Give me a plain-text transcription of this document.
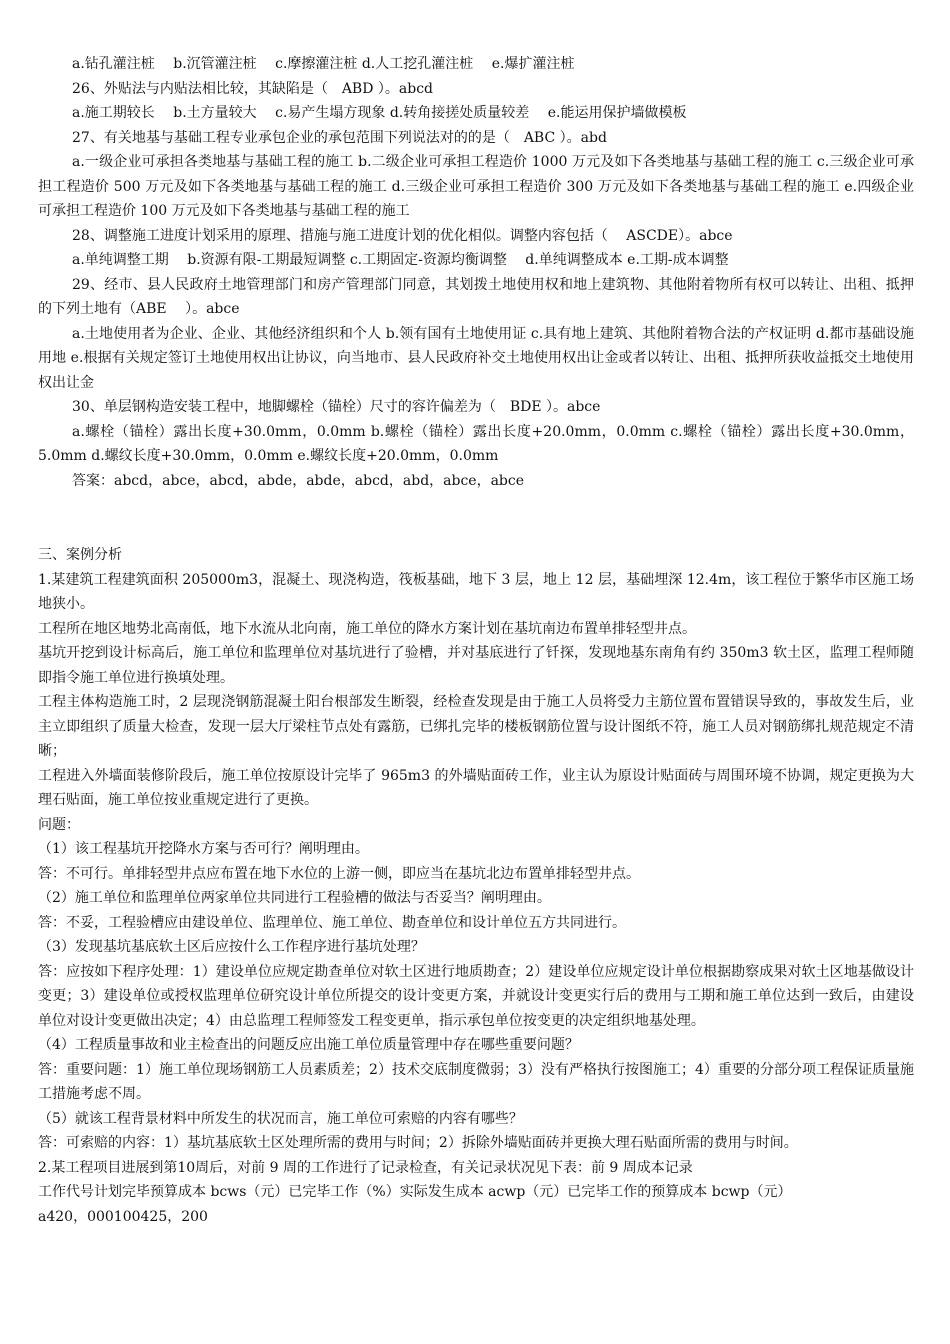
a.钻孔灌注桩　 b.沉管灌注桩 　c.摩擦灌注桩 d.人工挖孔灌注桩　 e.爆扩灌注桩

26、外贴法与内贴法相比较，其缺陷是（　ABD ）。abcd

a.施工期较长　 b.土方量较大　 c.易产生塌方现象 d.转角接搓处质量较差　 e.能运用保护墙做模板

27、有关地基与基础工程专业承包企业的承包范围下列说法对的的是（　ABC ）。abd

a.一级企业可承担各类地基与基础工程的施工 b.二级企业可承担工程造价 1000 万元及如下各类地基与基础工程的施工 c.三级企业可承担工程造价 500 万元及如下各类地基与基础工程的施工 d.三级企业可承担工程造价 300 万元及如下各类地基与基础工程的施工 e.四级企业可承担工程造价 100 万元及如下各类地基与基础工程的施工

28、调整施工进度计划采用的原理、措施与施工进度计划的优化相似。调整内容包括（　 ASCDE）。abce

a.单纯调整工期　 b.资源有限-工期最短调整 c.工期固定-资源均衡调整　 d.单纯调整成本 e.工期-成本调整

29、经市、县人民政府土地管理部门和房产管理部门同意，其划拨土地使用权和地上建筑物、其他附着物所有权可以转让、出租、抵押的下列土地有（ABE　 ）。abce

a.土地使用者为企业、企业、其他经济组织和个人 b.领有国有土地使用证 c.具有地上建筑、其他附着物合法的产权证明 d.都市基础设施用地 e.根据有关规定签订土地使用权出让协议，向当地市、县人民政府补交土地使用权出让金或者以转让、出租、抵押所获收益抵交土地使用权出让金

30、单层钢构造安装工程中，地脚螺栓（锚栓）尺寸的容许偏差为（　BDE ）。abce

a.螺栓（锚栓）露出长度+30.0mm，0.0mm b.螺栓（锚栓）露出长度+20.0mm，0.0mm c.螺栓（锚栓）露出长度+30.0mm，5.0mm d.螺纹长度+30.0mm，0.0mm e.螺纹长度+20.0mm，0.0mm

答案：abcd，abce，abcd，abde，abde，abcd，abd，abce，abce

三、案例分析

1.某建筑工程建筑面积 205000m3，混凝土、现浇构造，筏板基础，地下 3 层，地上 12 层，基础埋深 12.4m，该工程位于繁华市区施工场地狭小。

工程所在地区地势北高南低，地下水流从北向南，施工单位的降水方案计划在基坑南边布置单排轻型井点。

基坑开挖到设计标高后，施工单位和监理单位对基坑进行了验槽，并对基底进行了钎探，发现地基东南角有约 350m3 软土区，监理工程师随即指令施工单位进行换填处理。

工程主体构造施工时，2 层现浇钢筋混凝土阳台根部发生断裂，经检查发现是由于施工人员将受力主筋位置布置错误导致的，事故发生后，业主立即组织了质量大检查，发现一层大厅梁柱节点处有露筋，已绑扎完毕的楼板钢筋位置与设计图纸不符，施工人员对钢筋绑扎规范规定不清晰；

工程进入外墙面装修阶段后，施工单位按原设计完毕了 965m3 的外墙贴面砖工作，业主认为原设计贴面砖与周围环境不协调，规定更换为大理石贴面，施工单位按业重规定进行了更换。

问题：

（1）该工程基坑开挖降水方案与否可行？阐明理由。

答：不可行。单排轻型井点应布置在地下水位的上游一侧，即应当在基坑北边布置单排轻型井点。

（2）施工单位和监理单位两家单位共同进行工程验槽的做法与否妥当？阐明理由。

答：不妥，工程验槽应由建设单位、监理单位、施工单位、勘查单位和设计单位五方共同进行。

（3）发现基坑基底软土区后应按什么工作程序进行基坑处理？

答：应按如下程序处理：1）建设单位应规定勘查单位对软土区进行地质勘查；2）建设单位应规定设计单位根据勘察成果对软土区地基做设计变更；3）建设单位或授权监理单位研究设计单位所提交的设计变更方案，并就设计变更实行后的费用与工期和施工单位达到一致后，由建设单位对设计变更做出决定；4）由总监理工程师签发工程变更单，指示承包单位按变更的决定组织地基处理。

（4）工程质量事故和业主检查出的问题反应出施工单位质量管理中存在哪些重要问题？

答：重要问题：1）施工单位现场钢筋工人员素质差；2）技术交底制度微弱；3）没有严格执行按图施工；4）重要的分部分项工程保证质量施工措施考虑不周。

（5）就该工程背景材料中所发生的状况而言，施工单位可索赔的内容有哪些？

答：可索赔的内容：1）基坑基底软土区处理所需的费用与时间；2）拆除外墙贴面砖并更换大理石贴面所需的费用与时间。

2.某工程项目进展到第10周后，对前 9 周的工作进行了记录检查，有关记录状况见下表：前 9 周成本记录

工作代号计划完毕预算成本 bcws（元）已完毕工作（%）实际发生成本 acwp（元）已完毕工作的预算成本 bcwp（元）

a420，000100425，200
